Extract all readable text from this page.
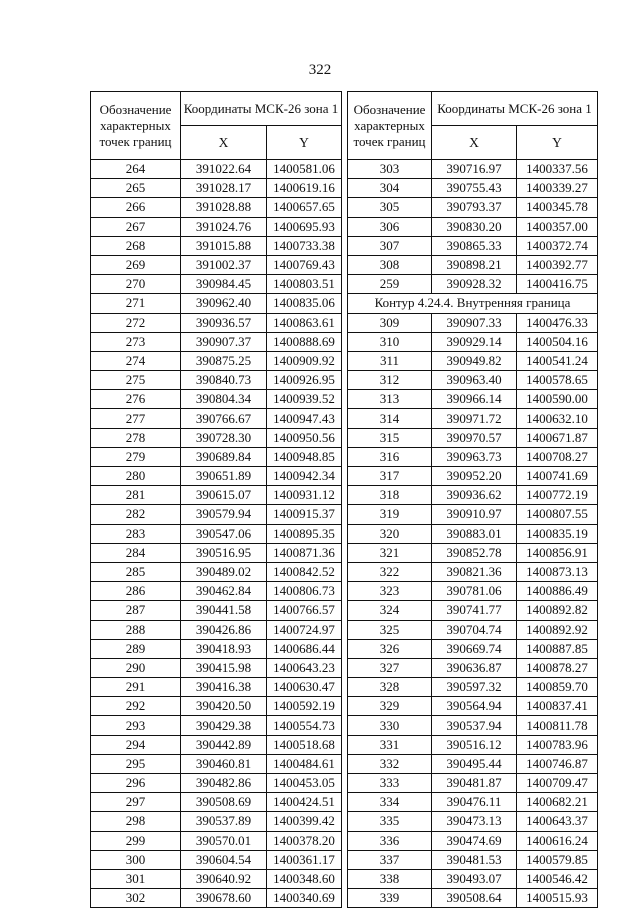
322
Обозначение характерных точек границ	Координаты МСК-26 зона 1	
	X	Y
264	391022.64	1400581.06
265	391028.17	1400619.16
266	391028.88	1400657.65
267	391024.76	1400695.93
268	391015.88	1400733.38
269	391002.37	1400769.43
270	390984.45	1400803.51
271	390962.40	1400835.06
272	390936.57	1400863.61
273	390907.37	1400888.69
274	390875.25	1400909.92
275	390840.73	1400926.95
276	390804.34	1400939.52
277	390766.67	1400947.43
278	390728.30	1400950.56
279	390689.84	1400948.85
280	390651.89	1400942.34
281	390615.07	1400931.12
282	390579.94	1400915.37
283	390547.06	1400895.35
284	390516.95	1400871.36
285	390489.02	1400842.52
286	390462.84	1400806.73
287	390441.58	1400766.57
288	390426.86	1400724.97
289	390418.93	1400686.44
290	390415.98	1400643.23
291	390416.38	1400630.47
292	390420.50	1400592.19
293	390429.38	1400554.73
294	390442.89	1400518.68
295	390460.81	1400484.61
296	390482.86	1400453.05
297	390508.69	1400424.51
298	390537.89	1400399.42
299	390570.01	1400378.20
300	390604.54	1400361.17
301	390640.92	1400348.60
302	390678.60	1400340.69
Обозначение характерных точек границ	Координаты МСК-26 зона 1	
	X	Y
303	390716.97	1400337.56
304	390755.43	1400339.27
305	390793.37	1400345.78
306	390830.20	1400357.00
307	390865.33	1400372.74
308	390898.21	1400392.77
259	390928.32	1400416.75
Контур 4.24.4. Внутренняя граница		
309	390907.33	1400476.33
310	390929.14	1400504.16
311	390949.82	1400541.24
312	390963.40	1400578.65
313	390966.14	1400590.00
314	390971.72	1400632.10
315	390970.57	1400671.87
316	390963.73	1400708.27
317	390952.20	1400741.69
318	390936.62	1400772.19
319	390910.97	1400807.55
320	390883.01	1400835.19
321	390852.78	1400856.91
322	390821.36	1400873.13
323	390781.06	1400886.49
324	390741.77	1400892.82
325	390704.74	1400892.92
326	390669.74	1400887.85
327	390636.87	1400878.27
328	390597.32	1400859.70
329	390564.94	1400837.41
330	390537.94	1400811.78
331	390516.12	1400783.96
332	390495.44	1400746.87
333	390481.87	1400709.47
334	390476.11	1400682.21
335	390473.13	1400643.37
336	390474.69	1400616.24
337	390481.53	1400579.85
338	390493.07	1400546.42
339	390508.64	1400515.93
